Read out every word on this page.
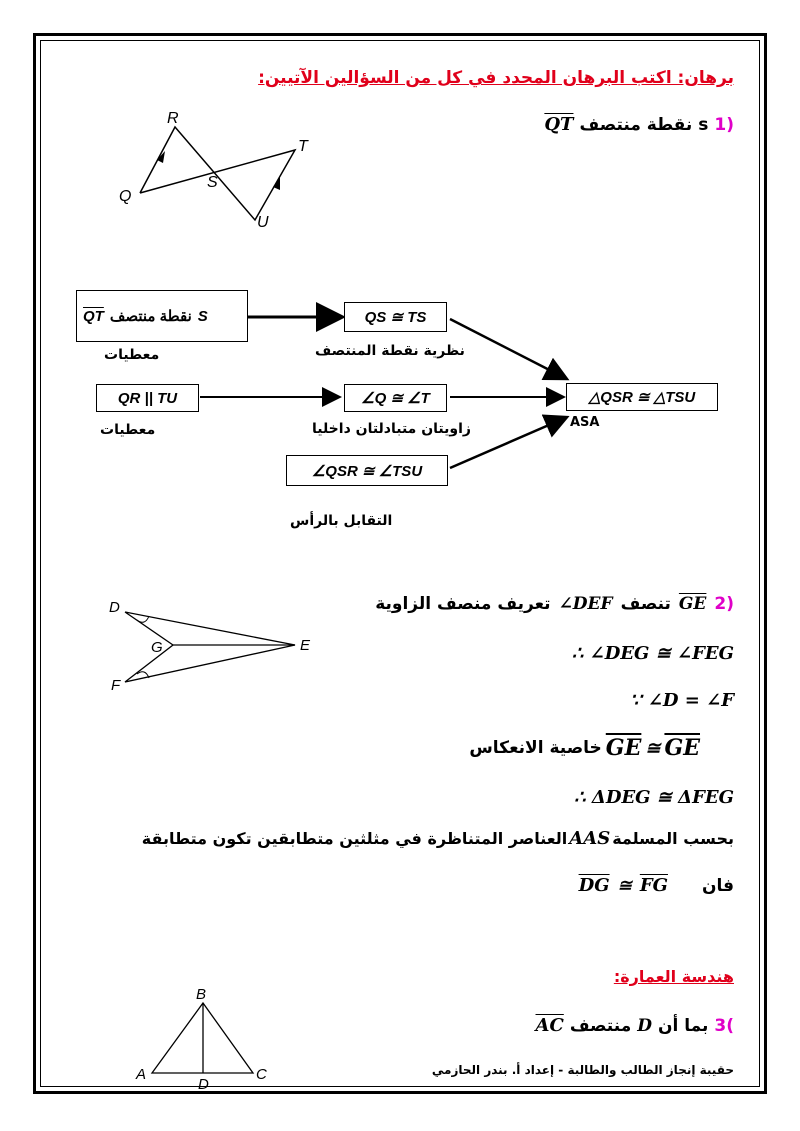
برهان: اكتب البرهان المحدد في كل من السؤالين الآتيين:
$\overline{QT}$ نقطة منتصف s 1)
R
Q
S
T
U
$\overline{QT}$ نقطة منتصف S
معطيات
QS ≅ TS
نظرية نقطة المنتصف
QR || TU
معطيات
∠Q ≅ ∠T
زاويتان متبادلتان داخليا
△QSR ≅ △TSU
ASA
∠QSR ≅ ∠TSU
التقابل بالرأس
D
G	E
F
تعريف منصف الزاوية ∠DEF تنصف $\overline{GE}$ 2)
∴ ∠DEG ≅ ∠FEG
∵ ∠D = ∠F
خاصية الانعكاس $\overline{GE}$ ≅ $\overline{GE}$
∴ ΔDEG ≅ ΔFEG
العناصر المتناظرة في مثلثين متطابقين تكون متطابقة AAS بحسب المسلمة
$\overline{DG}$ ≅ $\overline{FG}$ فان
هندسة العمارة:
$\overline{AC}$ منتصف D بما أن 3(
B
A	C
D
حقيبة إنجاز الطالب والطالبة - إعداد أ. بندر الحازمي
